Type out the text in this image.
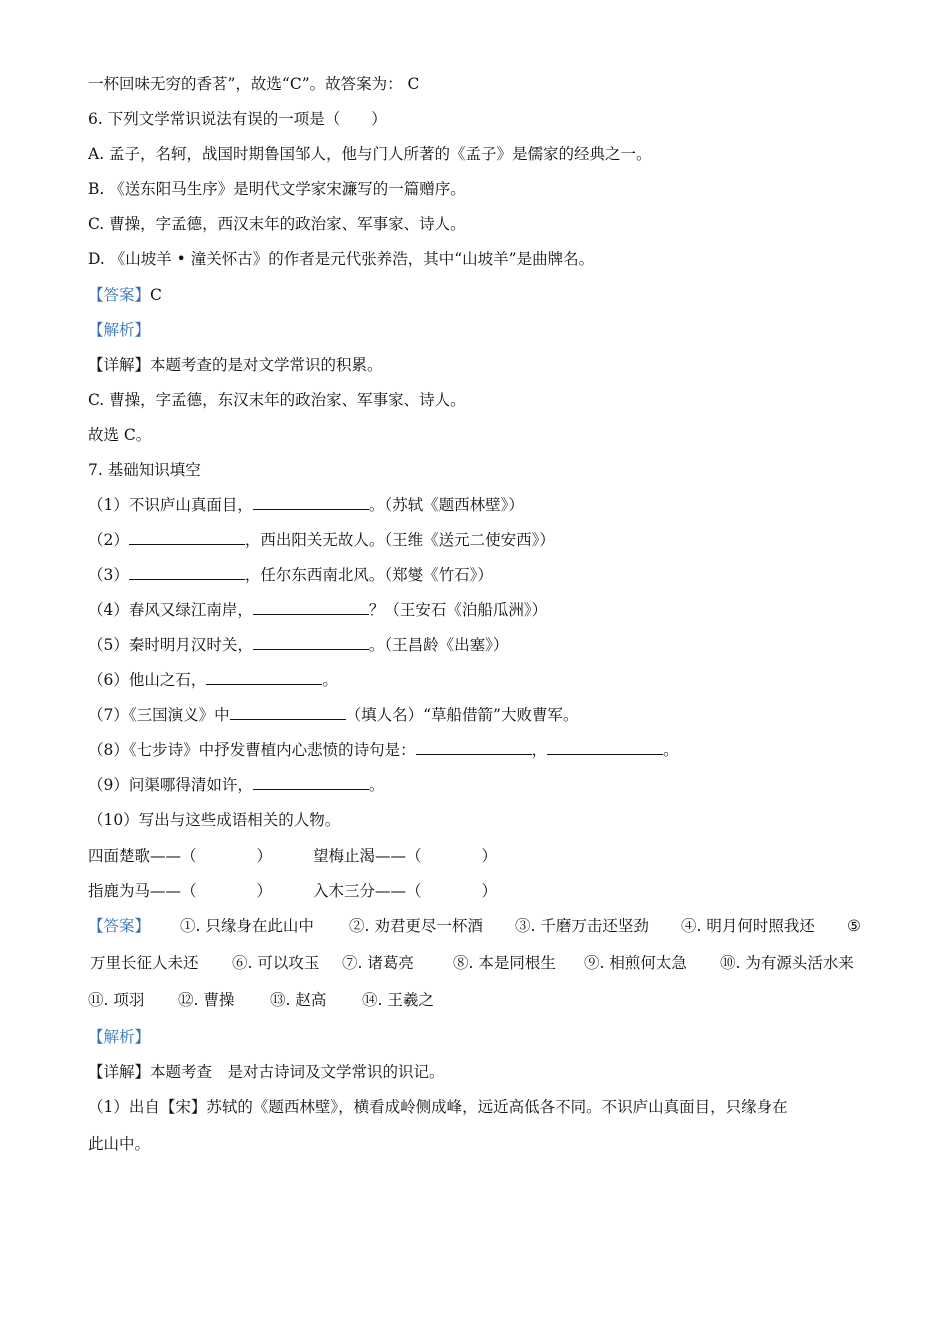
一杯回味无穷的香茗”，故选“C”。故答案为： C
6. 下列文学常识说法有误的一项是（　　）
A. 孟子，名轲，战国时期鲁国邹人，他与门人所著的《孟子》是儒家的经典之一。
B. 《送东阳马生序》是明代文学家宋濂写的一篇赠序。
C. 曹操，字孟德，西汉末年的政治家、军事家、诗人。
D. 《山坡羊 • 潼关怀古》的作者是元代张养浩，其中“山坡羊”是曲牌名。
【答案】C
【解析】
【详解】本题考查的是对文学常识的积累。
C. 曹操，字孟德，东汉末年的政治家、军事家、诗人。
故选 C。
7. 基础知识填空
（1）不识庐山真面目，	。（苏轼《题西林壁》）
（2）	，西出阳关无故人。（王维《送元二使安西》）
（3）	，任尔东西南北风。（郑燮《竹石》）
（4）春风又绿江南岸，	？（王安石《泊船瓜洲》）
（5）秦时明月汉时关，	。（王昌龄《出塞》）
（6）他山之石，	。
（7）《三国演义》中	（填人名）“草船借箭”大败曹军。
（8）《七步诗》中抒发曹植内心悲愤的诗句是：	，	。
（9）问渠哪得清如许，	。
（10）写出与这些成语相关的人物。
四面楚歌——（	）	望梅止渴——（	）
指鹿为马——（	）	入木三分——（	）
【答案】 ①. 只缘身在此山中 ②. 劝君更尽一杯酒 ③. 千磨万击还坚劲 ④. 明月何时照我还 ⑤
万里长征人未还 ⑥. 可以攻玉 ⑦. 诸葛亮	⑧. 本是同根生 ⑨. 相煎何太急 ⑩. 为有源头活水来
⑪. 项羽 ⑫. 曹操 ⑬. 赵高 ⑭. 王羲之
【解析】
【详解】本题考查　是对古诗词及文学常识的识记。
（1）出自【宋】苏轼的《题西林壁》，横看成岭侧成峰，远近高低各不同。不识庐山真面目，只缘身在
此山中。
